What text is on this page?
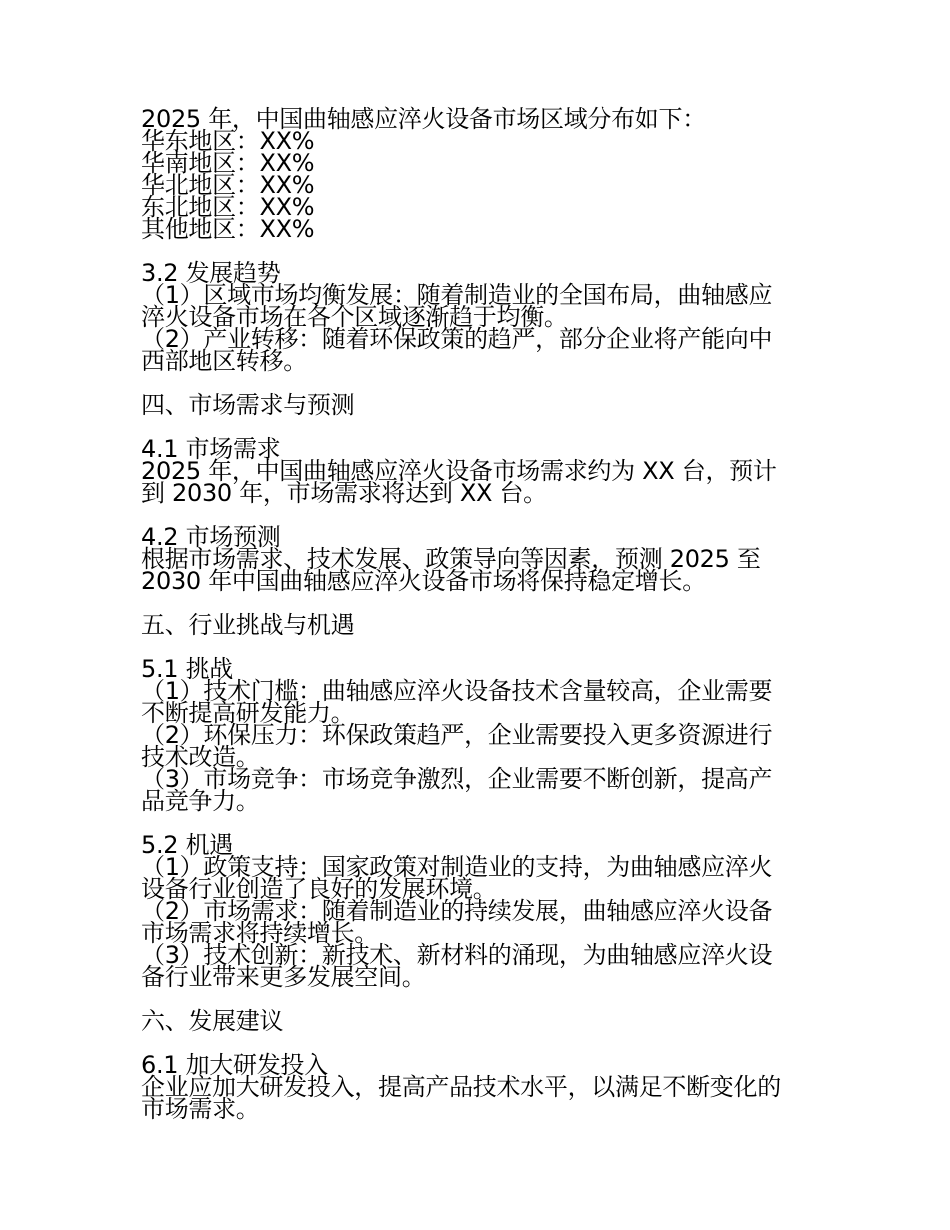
2025 年，中国曲轴感应淬火设备市场区域分布如下：
华东地区：XX%
华南地区：XX%
华北地区：XX%
东北地区：XX%
其他地区：XX%
3.2 发展趋势
（1）区域市场均衡发展：随着制造业的全国布局，曲轴感应
淬火设备市场在各个区域逐渐趋于均衡。
（2）产业转移：随着环保政策的趋严，部分企业将产能向中
西部地区转移。
四、市场需求与预测
4.1 市场需求
2025 年，中国曲轴感应淬火设备市场需求约为 XX 台，预计
到 2030 年，市场需求将达到 XX 台。
4.2 市场预测
根据市场需求、技术发展、政策导向等因素，预测 2025 至
2030 年中国曲轴感应淬火设备市场将保持稳定增长。
五、行业挑战与机遇
5.1 挑战
（1）技术门槛：曲轴感应淬火设备技术含量较高，企业需要
不断提高研发能力。
（2）环保压力：环保政策趋严，企业需要投入更多资源进行
技术改造。
（3）市场竞争：市场竞争激烈，企业需要不断创新，提高产
品竞争力。
5.2 机遇
（1）政策支持：国家政策对制造业的支持，为曲轴感应淬火
设备行业创造了良好的发展环境。
（2）市场需求：随着制造业的持续发展，曲轴感应淬火设备
市场需求将持续增长。
（3）技术创新：新技术、新材料的涌现，为曲轴感应淬火设
备行业带来更多发展空间。
六、发展建议
6.1 加大研发投入
企业应加大研发投入，提高产品技术水平，以满足不断变化的
市场需求。
